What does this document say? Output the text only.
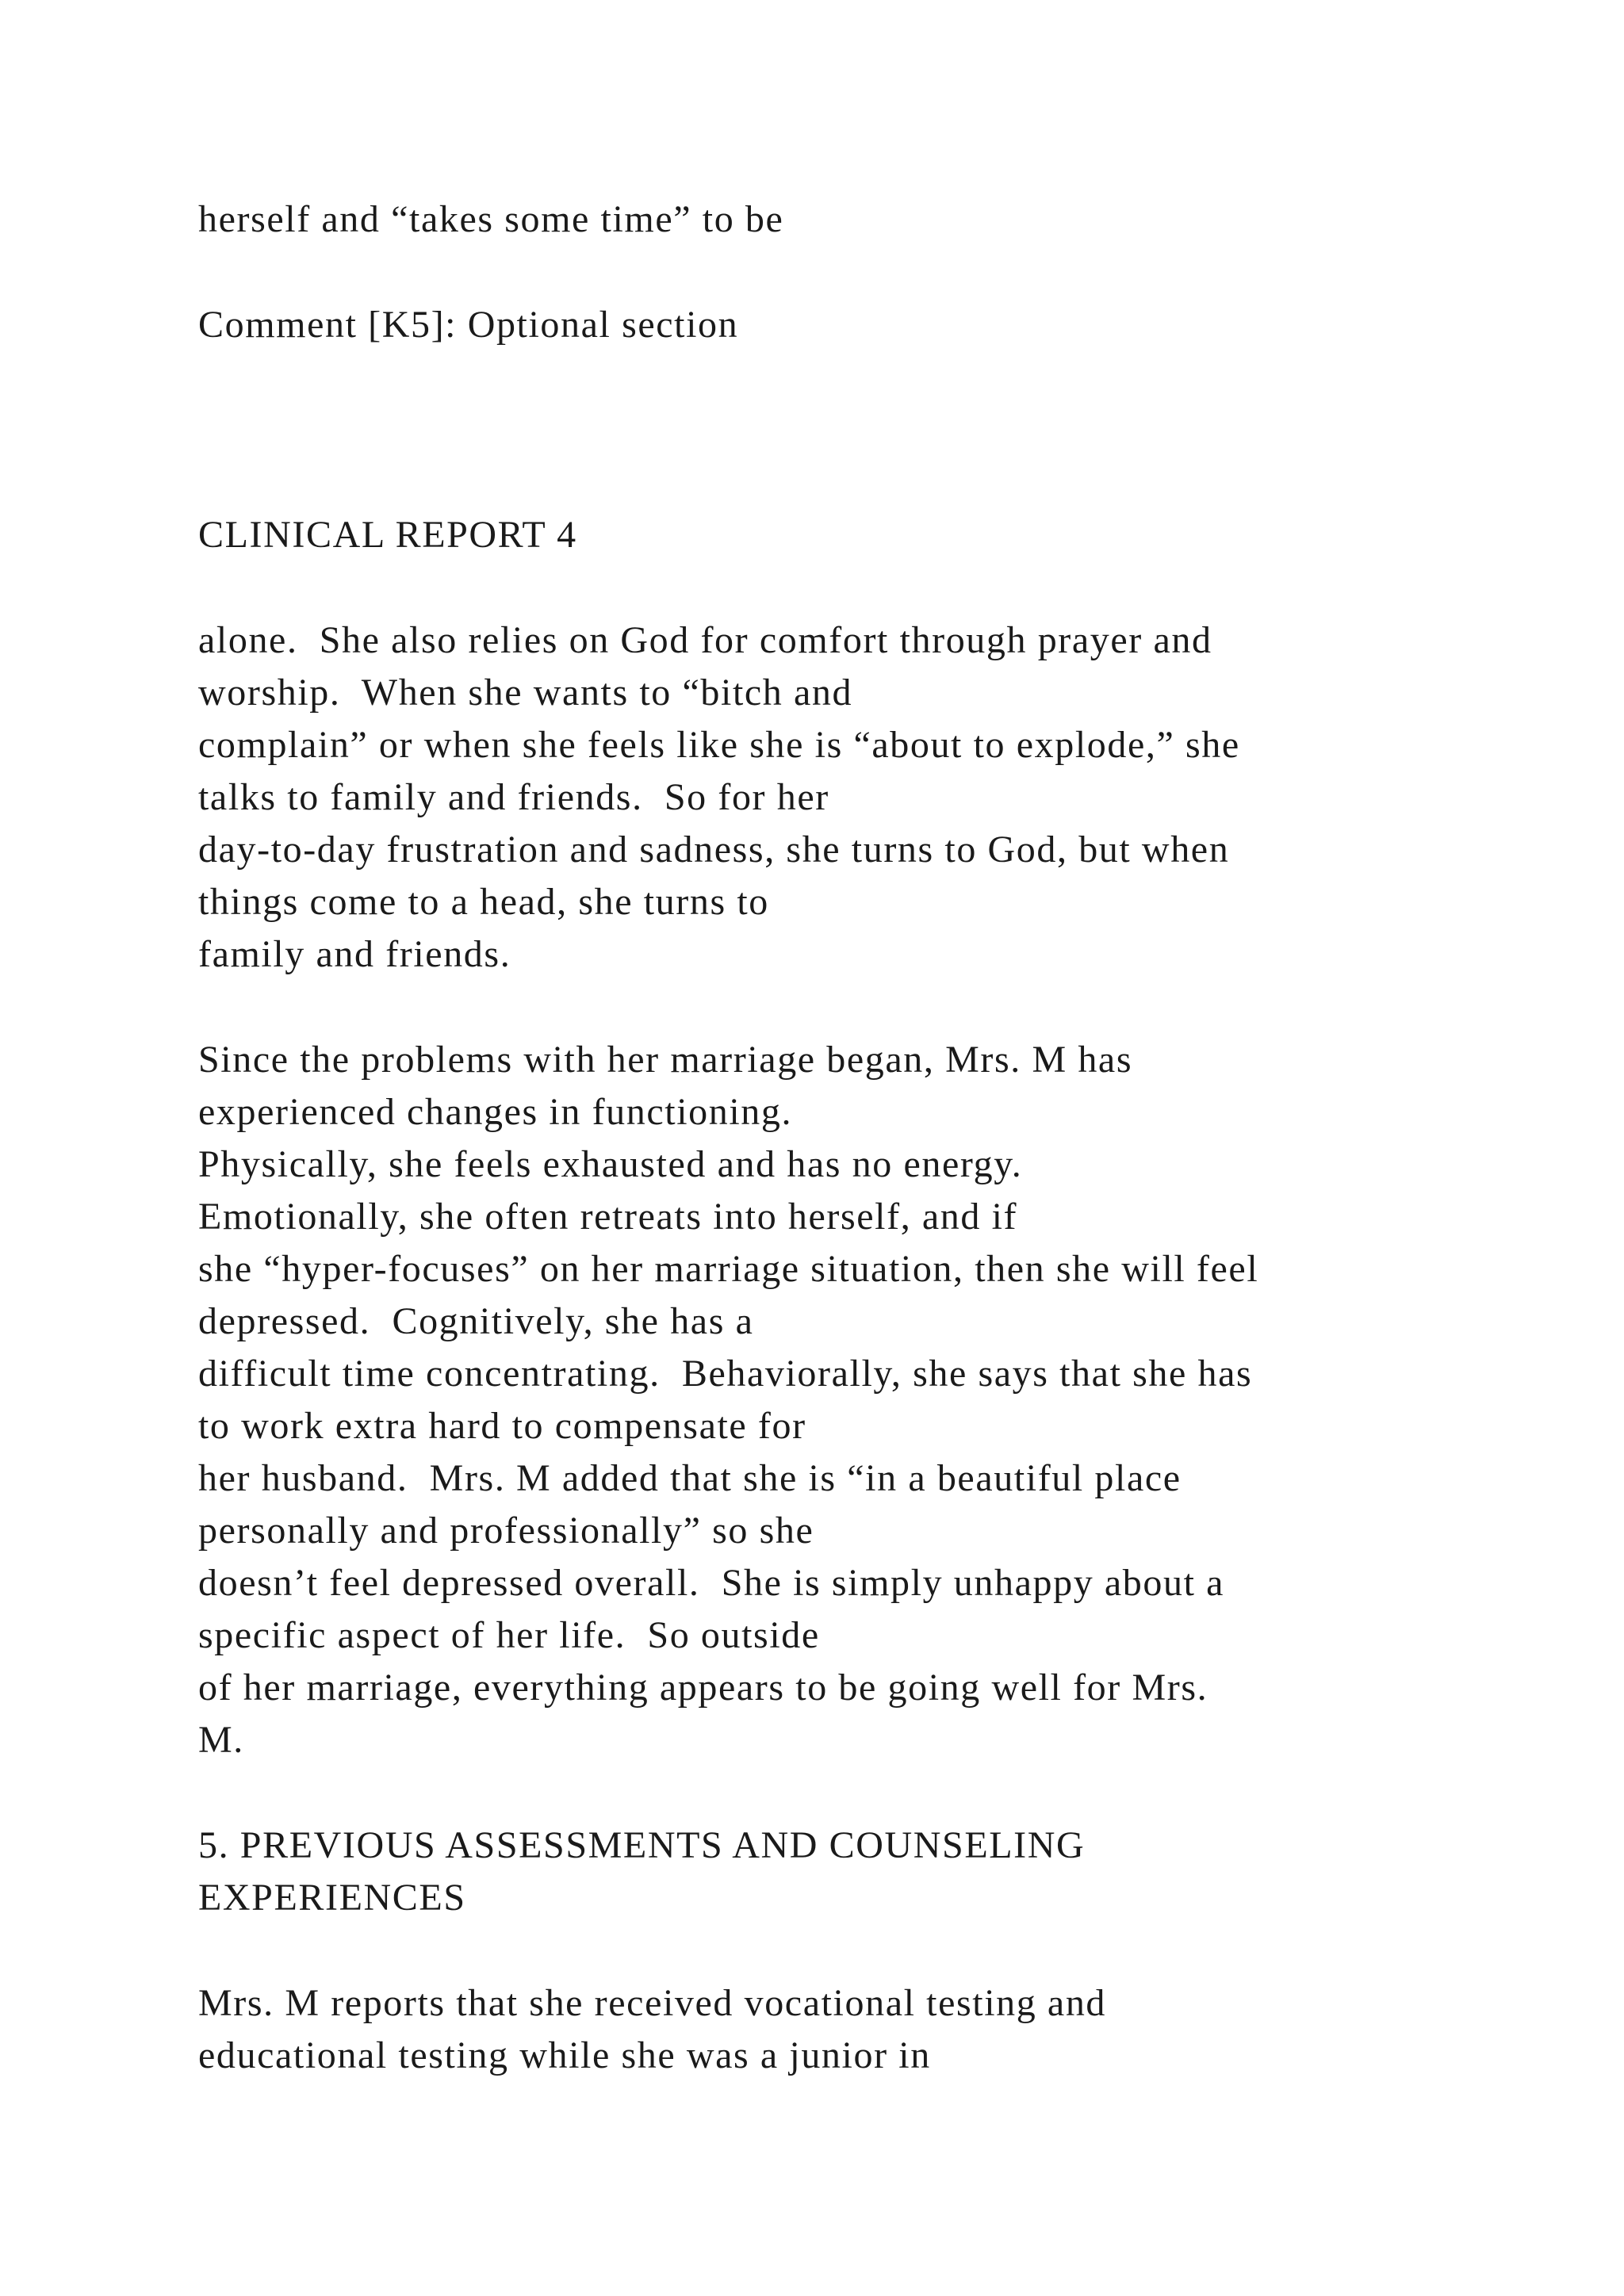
herself and “takes some time” to be

Comment [K5]: Optional section

CLINICAL REPORT 4

alone.  She also relies on God for comfort through prayer and

worship.  When she wants to “bitch and

complain” or when she feels like she is “about to explode,” she

talks to family and friends.  So for her

day-to-day frustration and sadness, she turns to God, but when

things come to a head, she turns to

family and friends.

Since the problems with her marriage began, Mrs. M has

experienced changes in functioning.

Physically, she feels exhausted and has no energy.

Emotionally, she often retreats into herself, and if

she “hyper-focuses” on her marriage situation, then she will feel

depressed.  Cognitively, she has a

difficult time concentrating.  Behaviorally, she says that she has

to work extra hard to compensate for

her husband.  Mrs. M added that she is “in a beautiful place

personally and professionally” so she

doesn’t feel depressed overall.  She is simply unhappy about a

specific aspect of her life.  So outside

of her marriage, everything appears to be going well for Mrs.

M.

5. PREVIOUS ASSESSMENTS AND COUNSELING

EXPERIENCES

Mrs. M reports that she received vocational testing and

educational testing while she was a junior in
